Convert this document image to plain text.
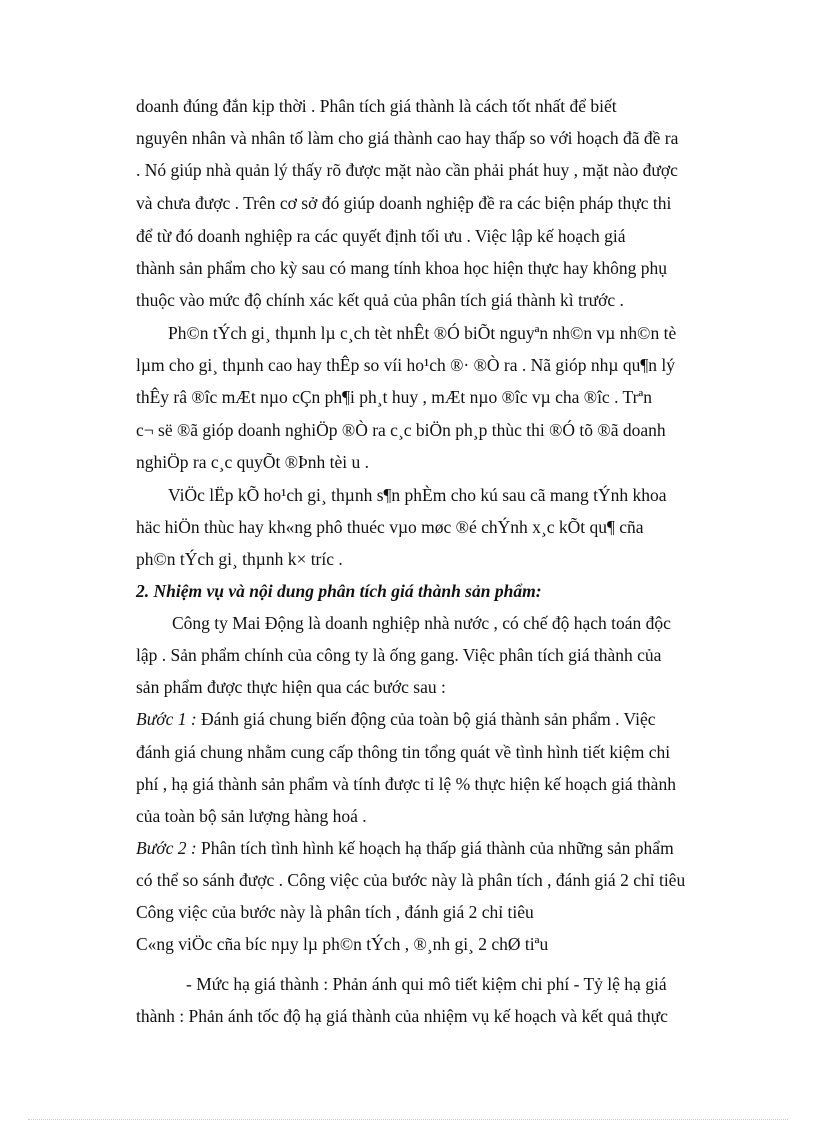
doanh đúng đắn kịp thời . Phân tích giá thành là cách tốt nhất để biết
nguyên nhân và nhân tố làm cho giá thành cao hay thấp so với hoạch đã đề ra
. Nó giúp nhà quản lý thấy rõ được mặt nào cần phải phát huy , mặt nào được
và chưa được . Trên cơ sở đó giúp doanh nghiệp đề ra các biện pháp thực thi
để từ đó doanh nghiệp ra các quyết định tối ưu . Việc lập kế hoạch giá
thành sản phẩm cho kỳ sau có mang tính khoa học hiện thực hay không phụ
thuộc vào mức độ chính xác kết quả của phân tích giá thành kì trước .
Ph©n tÝch gi¸ thµnh lµ c¸ch tèt nhÊt ®Ó biÕt nguyªn nh©n vµ nh©n tè
lµm cho gi¸ thµnh cao hay thÊp so víi ho¹ch ®· ®Ò ra . Nã gióp nhµ qu¶n lý
thÊy râ ®îc mÆt nµo cÇn ph¶i ph¸t huy , mÆt nµo ®îc vµ cha ®îc . Trªn
c¬ së ®ã gióp doanh nghiÖp ®Ò ra c¸c biÖn ph¸p thùc thi ®Ó tõ ®ã doanh
nghiÖp ra c¸c quyÕt ®Þnh tèi u .
ViÖc lËp kÕ ho¹ch gi¸ thµnh s¶n phÈm cho kú sau cã mang tÝnh khoa
häc hiÖn thùc hay kh«ng phô thuéc vµo møc ®é chÝnh x¸c kÕt qu¶ cña
ph©n tÝch gi¸ thµnh k× tríc .
2. Nhiệm vụ và nội dung phân tích giá thành sản phẩm:
Công ty Mai Động là doanh nghiệp nhà nước , có chế độ hạch toán độc
lập . Sản phẩm chính của công ty là ống gang. Việc phân tích giá thành của
sản phẩm được thực hiện qua các bước sau :
Bước 1 : Đánh giá chung biến động của toàn bộ giá thành sản phẩm . Việc
đánh giá chung nhằm cung cấp thông tin tổng quát về tình hình tiết kiệm chi
phí , hạ giá thành sản phẩm và tính được tỉ lệ % thực hiện kế hoạch giá thành
của toàn bộ sản lượng hàng hoá .
Bước 2 : Phân tích tình hình kế hoạch hạ thấp giá thành của những sản phẩm
có thể so sánh được . Công việc của bước này là phân tích , đánh giá 2 chỉ tiêu
Công việc của bước này là phân tích , đánh giá 2 chỉ tiêu
C«ng viÖc cña bíc nµy lµ ph©n tÝch , ®¸nh gi¸ 2 chØ tiªu
- Mức hạ giá thành : Phản ánh qui mô tiết kiệm chi phí - Tỷ lệ hạ giá
thành : Phản ánh tốc độ hạ giá thành của nhiệm vụ kế hoạch và kết quả thực
